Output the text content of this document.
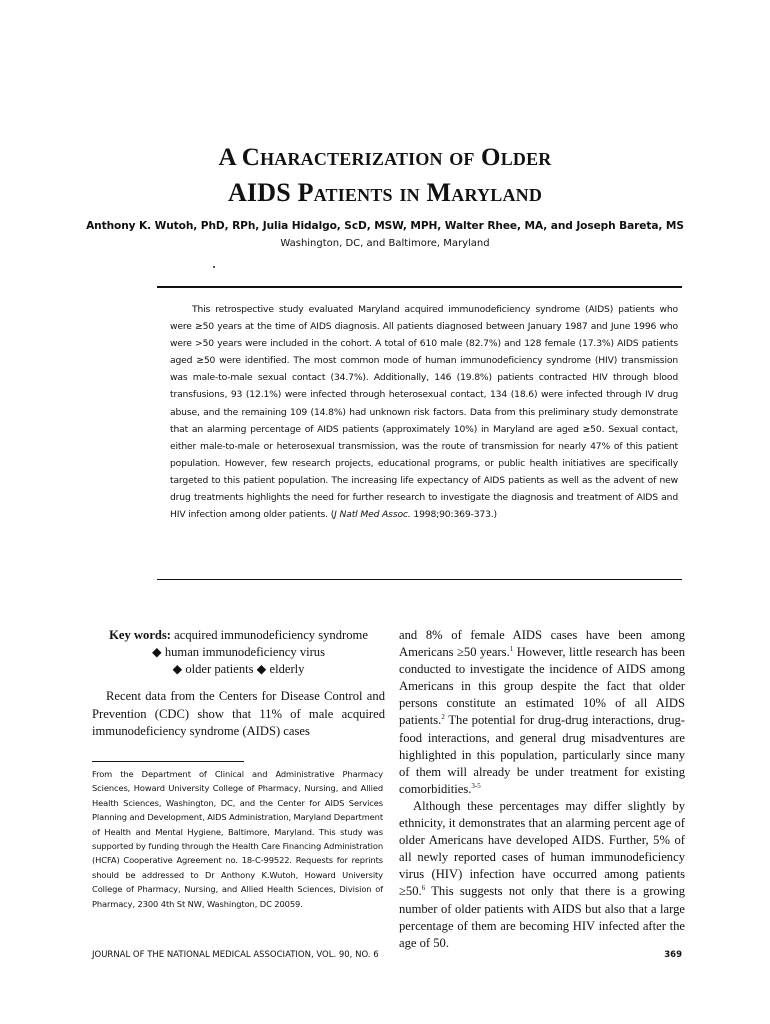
A Characterization of Older
AIDS Patients in Maryland
Anthony K. Wutoh, PhD, RPh, Julia Hidalgo, ScD, MSW, MPH, Walter Rhee, MA, and Joseph Bareta, MS
Washington, DC, and Baltimore, Maryland
This retrospective study evaluated Maryland acquired immunodeficiency syndrome (AIDS) patients who were ≥50 years at the time of AIDS diagnosis. All patients diagnosed between January 1987 and June 1996 who were >50 years were included in the cohort. A total of 610 male (82.7%) and 128 female (17.3%) AIDS patients aged ≥50 were identified. The most common mode of human immunodeficiency syndrome (HIV) transmission was male-to-male sexual contact (34.7%). Additionally, 146 (19.8%) patients contracted HIV through blood transfusions, 93 (12.1%) were infected through heterosexual contact, 134 (18.6) were infected through IV drug abuse, and the remaining 109 (14.8%) had unknown risk factors. Data from this preliminary study demonstrate that an alarming percentage of AIDS patients (approximately 10%) in Maryland are aged ≥50. Sexual contact, either male-to-male or heterosexual transmission, was the route of transmission for nearly 47% of this patient population. However, few research projects, educational programs, or public health initiatives are specifically targeted to this patient population. The increasing life expectancy of AIDS patients as well as the advent of new drug treatments highlights the need for further research to investigate the diagnosis and treatment of AIDS and HIV infection among older patients. (J Natl Med Assoc. 1998;90:369-373.)
Key words: acquired immunodeficiency syndrome
◆ human immunodeficiency virus
◆ older patients ◆ elderly
Recent data from the Centers for Disease Control and Prevention (CDC) show that 11% of male acquired immunodeficiency syndrome (AIDS) cases
From the Department of Clinical and Administrative Pharmacy Sciences, Howard University College of Pharmacy, Nursing, and Allied Health Sciences, Washington, DC, and the Center for AIDS Services Planning and Development, AIDS Administration, Maryland Department of Health and Mental Hygiene, Baltimore, Maryland. This study was supported by funding through the Health Care Financing Administration (HCFA) Cooperative Agreement no. 18-C-99522. Requests for reprints should be addressed to Dr Anthony K.Wutoh, Howard University College of Pharmacy, Nursing, and Allied Health Sciences, Division of Pharmacy, 2300 4th St NW, Washington, DC 20059.

and 8% of female AIDS cases have been among Americans ≥50 years.$^1$ However, little research has been conducted to investigate the incidence of AIDS among Americans in this group despite the fact that older persons constitute an estimated 10% of all AIDS patients.$^2$ The potential for drug-drug interactions, drug-food interactions, and general drug misadventures are highlighted in this population, particularly since many of them will already be under treatment for existing comorbidities.$^{3-5}$

Although these percentages may differ slightly by ethnicity, it demonstrates that an alarming percent age of older Americans have developed AIDS. Further, 5% of all newly reported cases of human immunodeficiency virus (HIV) infection have occurred among patients ≥50.$^6$ This suggests not only that there is a growing number of older patients with AIDS but also that a large percentage of them are becoming HIV infected after the age of 50.

JOURNAL OF THE NATIONAL MEDICAL ASSOCIATION, VOL. 90, NO. 6	369
